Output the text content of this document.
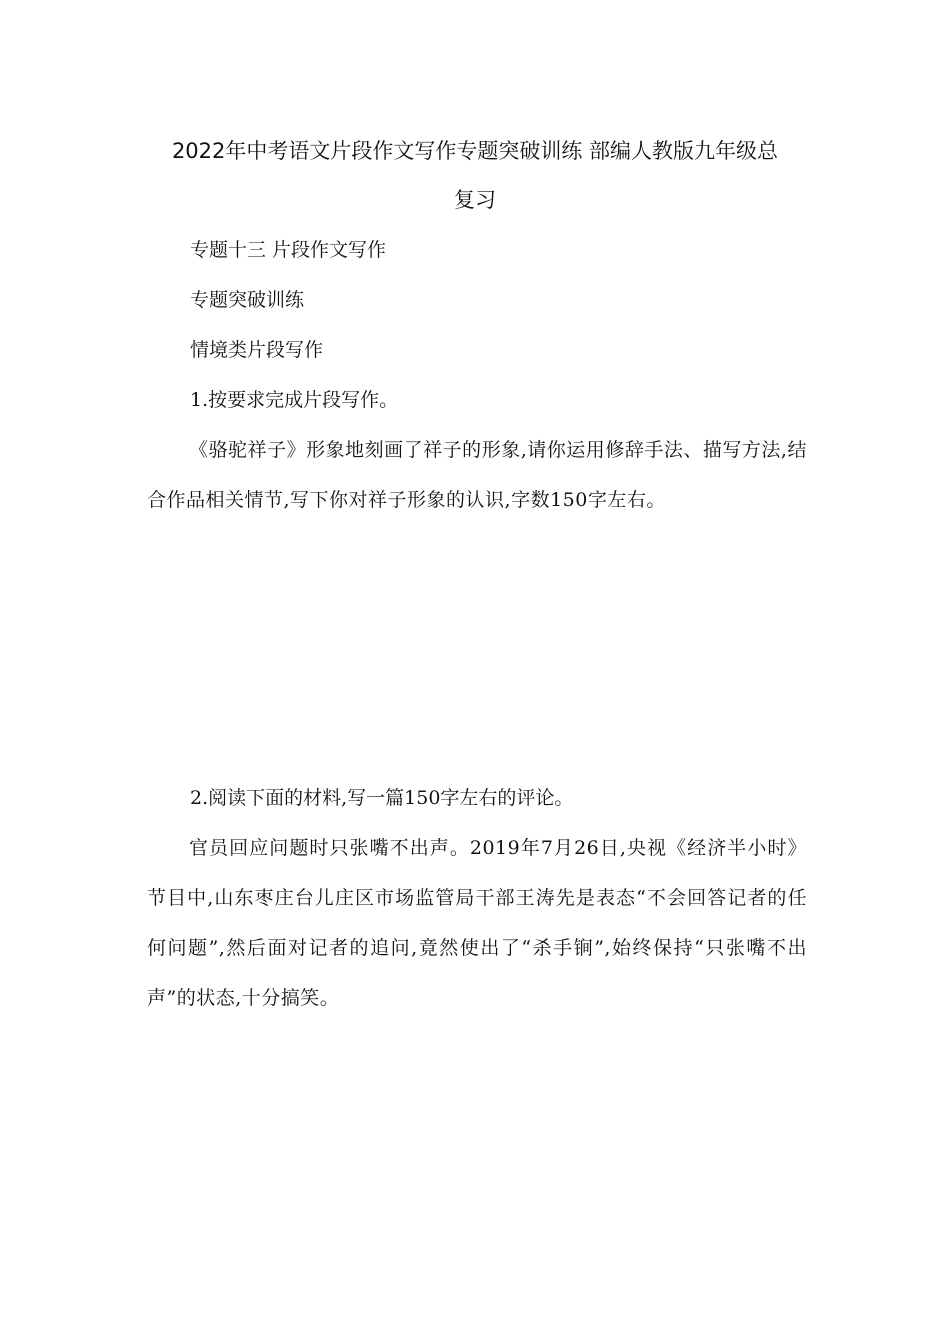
2022年中考语文片段作文写作专题突破训练 部编人教版九年级总
复习
专题十三 片段作文写作
专题突破训练
情境类片段写作
1.按要求完成片段写作。
《骆驼祥子》形象地刻画了祥子的形象,请你运用修辞手法、描写方法,结合作品相关情节,写下你对祥子形象的认识,字数150字左右。
2.阅读下面的材料,写一篇150字左右的评论。
官员回应问题时只张嘴不出声。2019年7月26日,央视《经济半小时》节目中,山东枣庄台儿庄区市场监管局干部王涛先是表态“不会回答记者的任何问题”,然后面对记者的追问,竟然使出了“杀手锏”,始终保持“只张嘴不出声”的状态,十分搞笑。
